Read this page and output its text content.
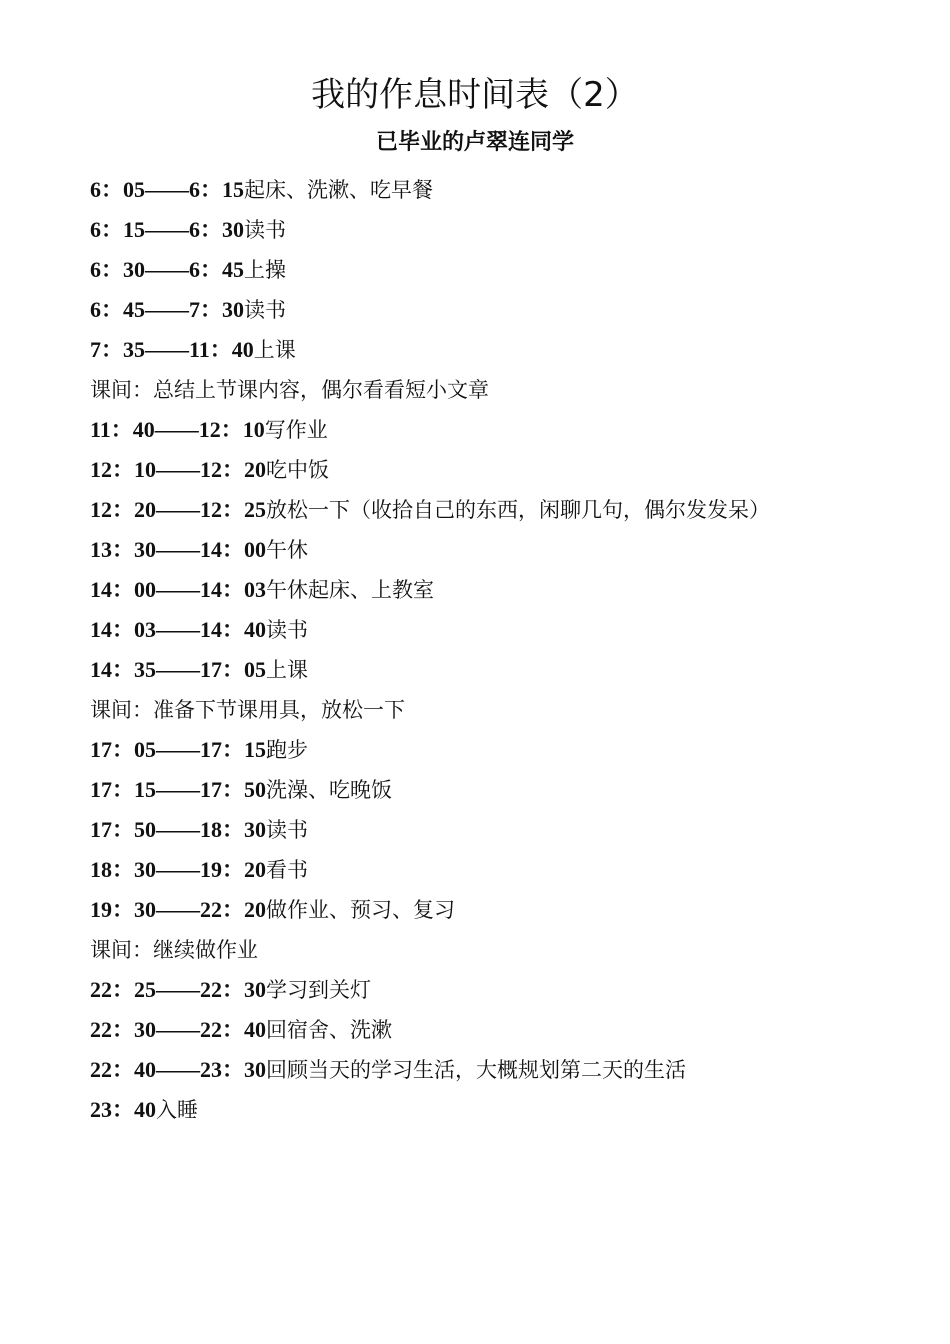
我的作息时间表（2）
已毕业的卢翠连同学
6：05——6：15起床、洗漱、吃早餐
6：15——6：30读书
6：30——6：45上操
6：45——7：30读书
7：35——11：40上课
课间：总结上节课内容，偶尔看看短小文章
11：40——12：10写作业
12：10——12：20吃中饭
12：20——12：25放松一下（收拾自己的东西，闲聊几句，偶尔发发呆）
13：30——14：00午休
14：00——14：03午休起床、上教室
14：03——14：40读书
14：35——17：05上课
课间：准备下节课用具，放松一下
17：05——17：15跑步
17：15——17：50洗澡、吃晚饭
17：50——18：30读书
18：30——19：20看书
19：30——22：20做作业、预习、复习
课间：继续做作业
22：25——22：30学习到关灯
22：30——22：40回宿舍、洗漱
22：40——23：30回顾当天的学习生活，大概规划第二天的生活
23：40入睡
